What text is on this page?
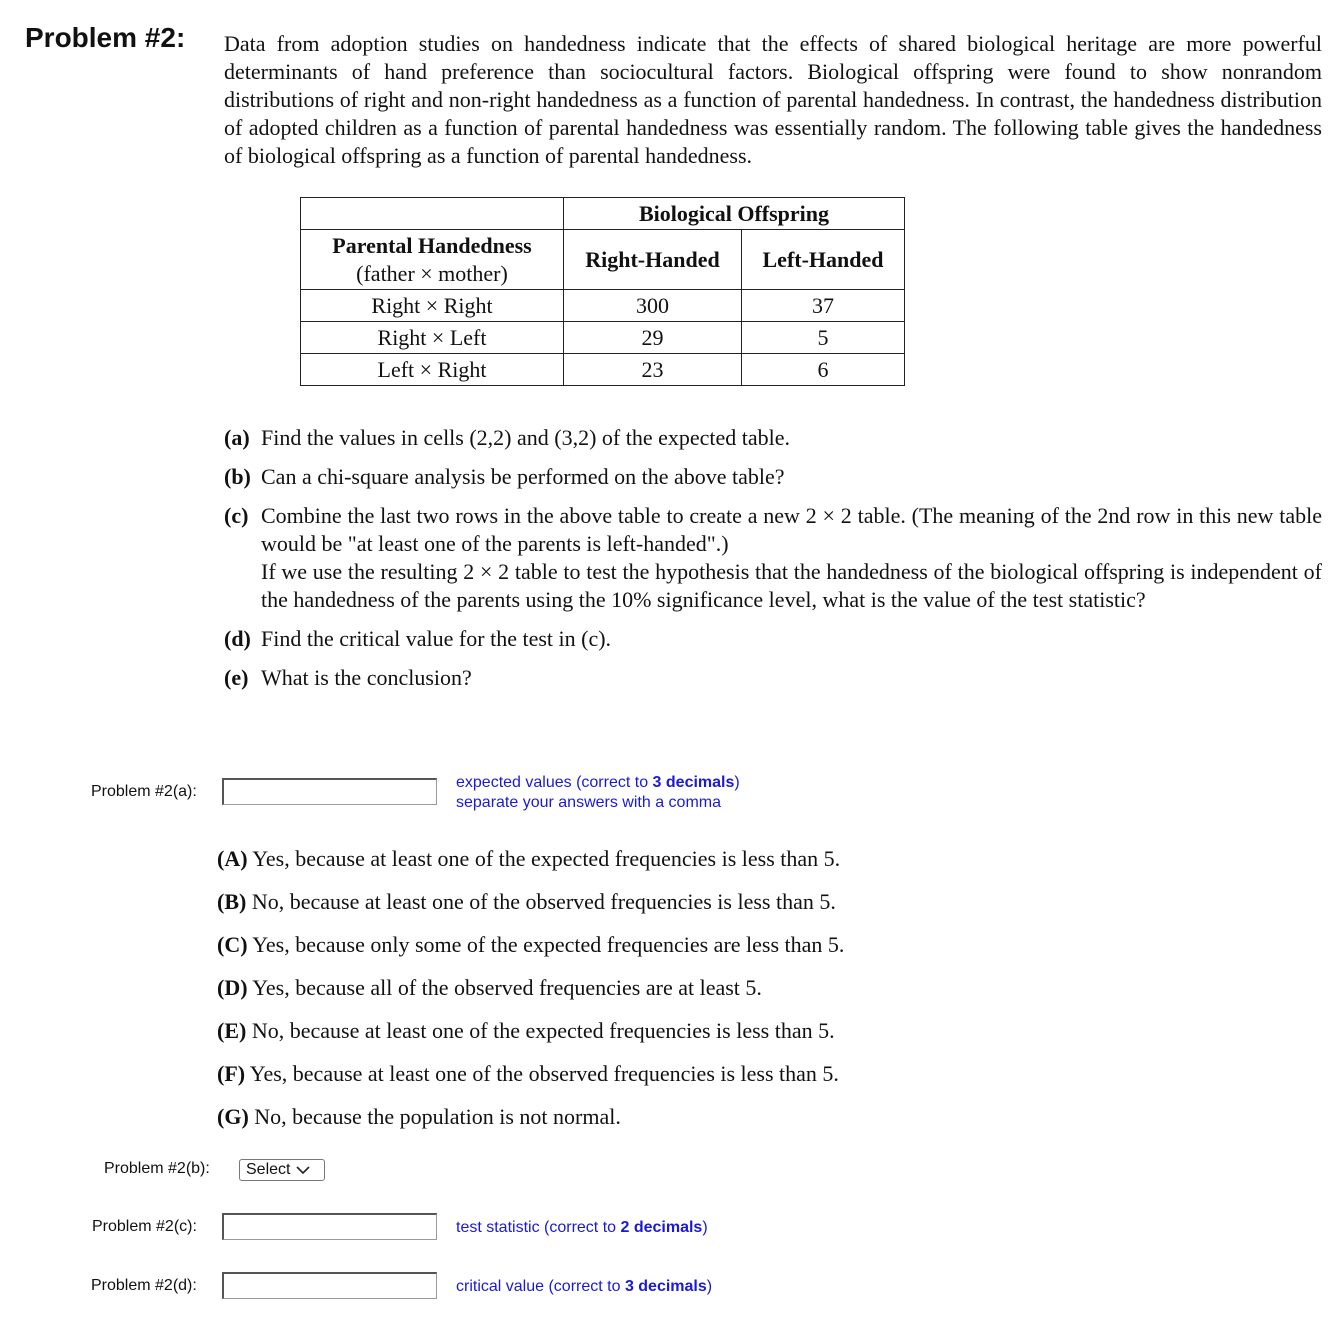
Problem #2: Data from adoption studies on handedness indicate that the effects of shared biological heritage are more powerful determinants of hand preference than sociocultural factors. Biological offspring were found to show nonrandom distributions of right and non-right handedness as a function of parental handedness. In contrast, the handedness distribution of adopted children as a function of parental handedness was essentially random. The following table gives the handedness of biological offspring as a function of parental handedness.
	Biological Offspring	

Parental Handedness
(father × mother)	Right-Handed	Left-Handed
Right × Right	300	37
Right × Left	29	5
Left × Right	23	6
(a) Find the values in cells (2,2) and (3,2) of the expected table.
(b) Can a chi-square analysis be performed on the above table?
(c) Combine the last two rows in the above table to create a new 2 × 2 table. (The meaning of the 2nd row in this new table would be "at least one of the parents is left-handed".)
If we use the resulting 2 × 2 table to test the hypothesis that the handedness of the biological offspring is independent of the handedness of the parents using the 10% significance level, what is the value of the test statistic?
(d) Find the critical value for the test in (c).
(e) What is the conclusion?
Problem #2(a):
expected values (correct to 3 decimals)
separate your answers with a comma
(A) Yes, because at least one of the expected frequencies is less than 5.
(B) No, because at least one of the observed frequencies is less than 5.
(C) Yes, because only some of the expected frequencies are less than 5.
(D) Yes, because all of the observed frequencies are at least 5.
(E) No, because at least one of the expected frequencies is less than 5.
(F) Yes, because at least one of the observed frequencies is less than 5.
(G) No, because the population is not normal.
Problem #2(b): Select
Problem #2(c):	test statistic (correct to 2 decimals)
Problem #2(d):	critical value (correct to 3 decimals)
